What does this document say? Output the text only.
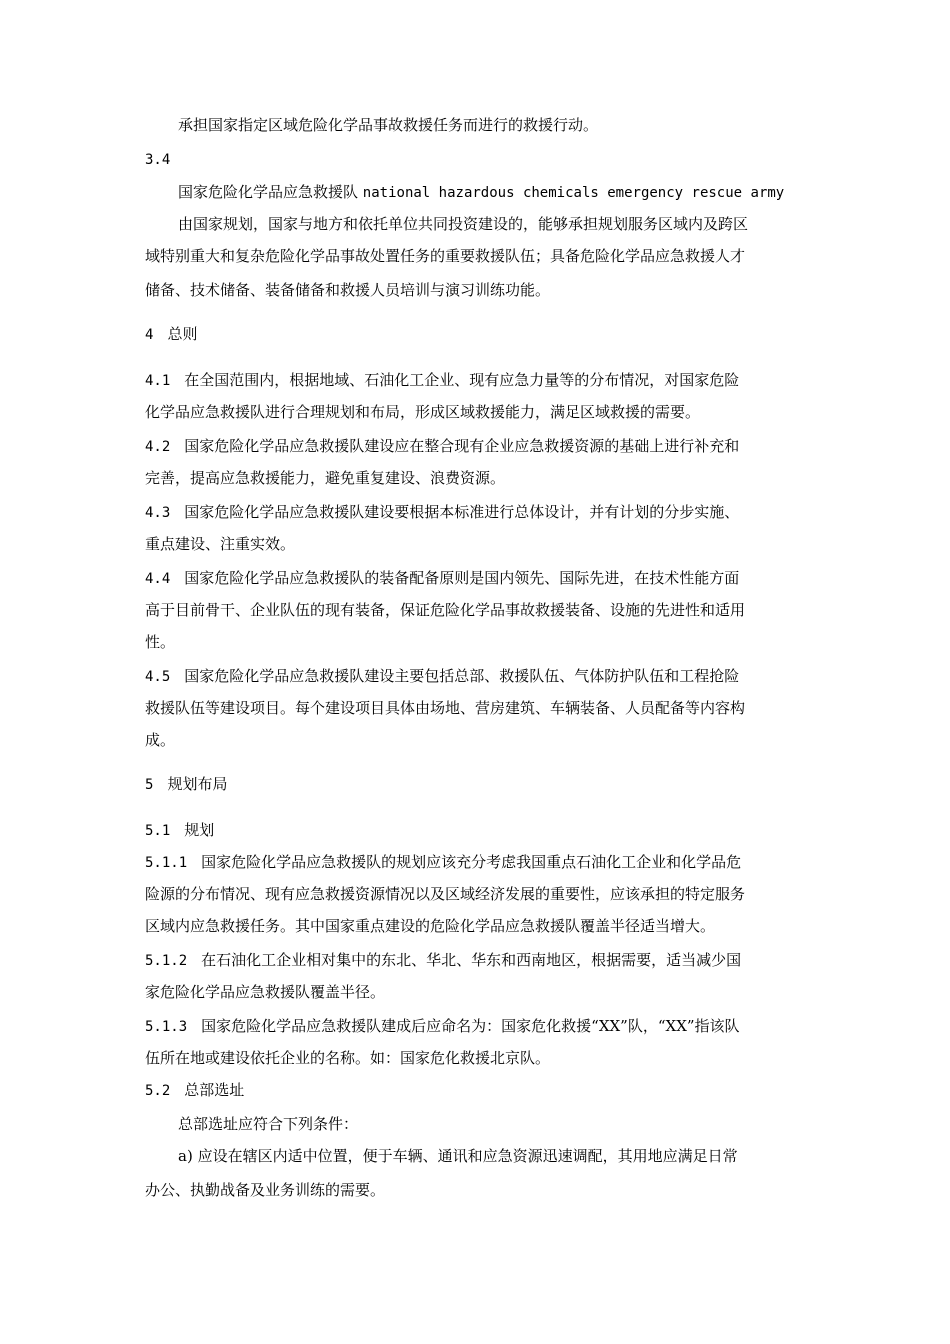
承担国家指定区域危险化学品事故救援任务而进行的救援行动。
3.4
国家危险化学品应急救援队 national hazardous chemicals emergency rescue army
由国家规划，国家与地方和依托单位共同投资建设的，能够承担规划服务区域内及跨区
域特别重大和复杂危险化学品事故处置任务的重要救援队伍；具备危险化学品应急救援人才
储备、技术储备、装备储备和救援人员培训与演习训练功能。
4 总则
4.1 在全国范围内，根据地域、石油化工企业、现有应急力量等的分布情况，对国家危险
化学品应急救援队进行合理规划和布局，形成区域救援能力，满足区域救援的需要。
4.2 国家危险化学品应急救援队建设应在整合现有企业应急救援资源的基础上进行补充和
完善，提高应急救援能力，避免重复建设、浪费资源。
4.3 国家危险化学品应急救援队建设要根据本标准进行总体设计，并有计划的分步实施、
重点建设、注重实效。
4.4 国家危险化学品应急救援队的装备配备原则是国内领先、国际先进，在技术性能方面
高于目前骨干、企业队伍的现有装备，保证危险化学品事故救援装备、设施的先进性和适用
性。
4.5 国家危险化学品应急救援队建设主要包括总部、救援队伍、气体防护队伍和工程抢险
救援队伍等建设项目。每个建设项目具体由场地、营房建筑、车辆装备、人员配备等内容构
成。
5 规划布局
5.1 规划
5.1.1 国家危险化学品应急救援队的规划应该充分考虑我国重点石油化工企业和化学品危
险源的分布情况、现有应急救援资源情况以及区域经济发展的重要性，应该承担的特定服务
区域内应急救援任务。其中国家重点建设的危险化学品应急救援队覆盖半径适当增大。
5.1.2 在石油化工企业相对集中的东北、华北、华东和西南地区，根据需要，适当减少国
家危险化学品应急救援队覆盖半径。
5.1.3 国家危险化学品应急救援队建成后应命名为：国家危化救援“XX”队，“XX”指该队
伍所在地或建设依托企业的名称。如：国家危化救援北京队。
5.2 总部选址
总部选址应符合下列条件：
a) 应设在辖区内适中位置，便于车辆、通讯和应急资源迅速调配，其用地应满足日常
办公、执勤战备及业务训练的需要。
